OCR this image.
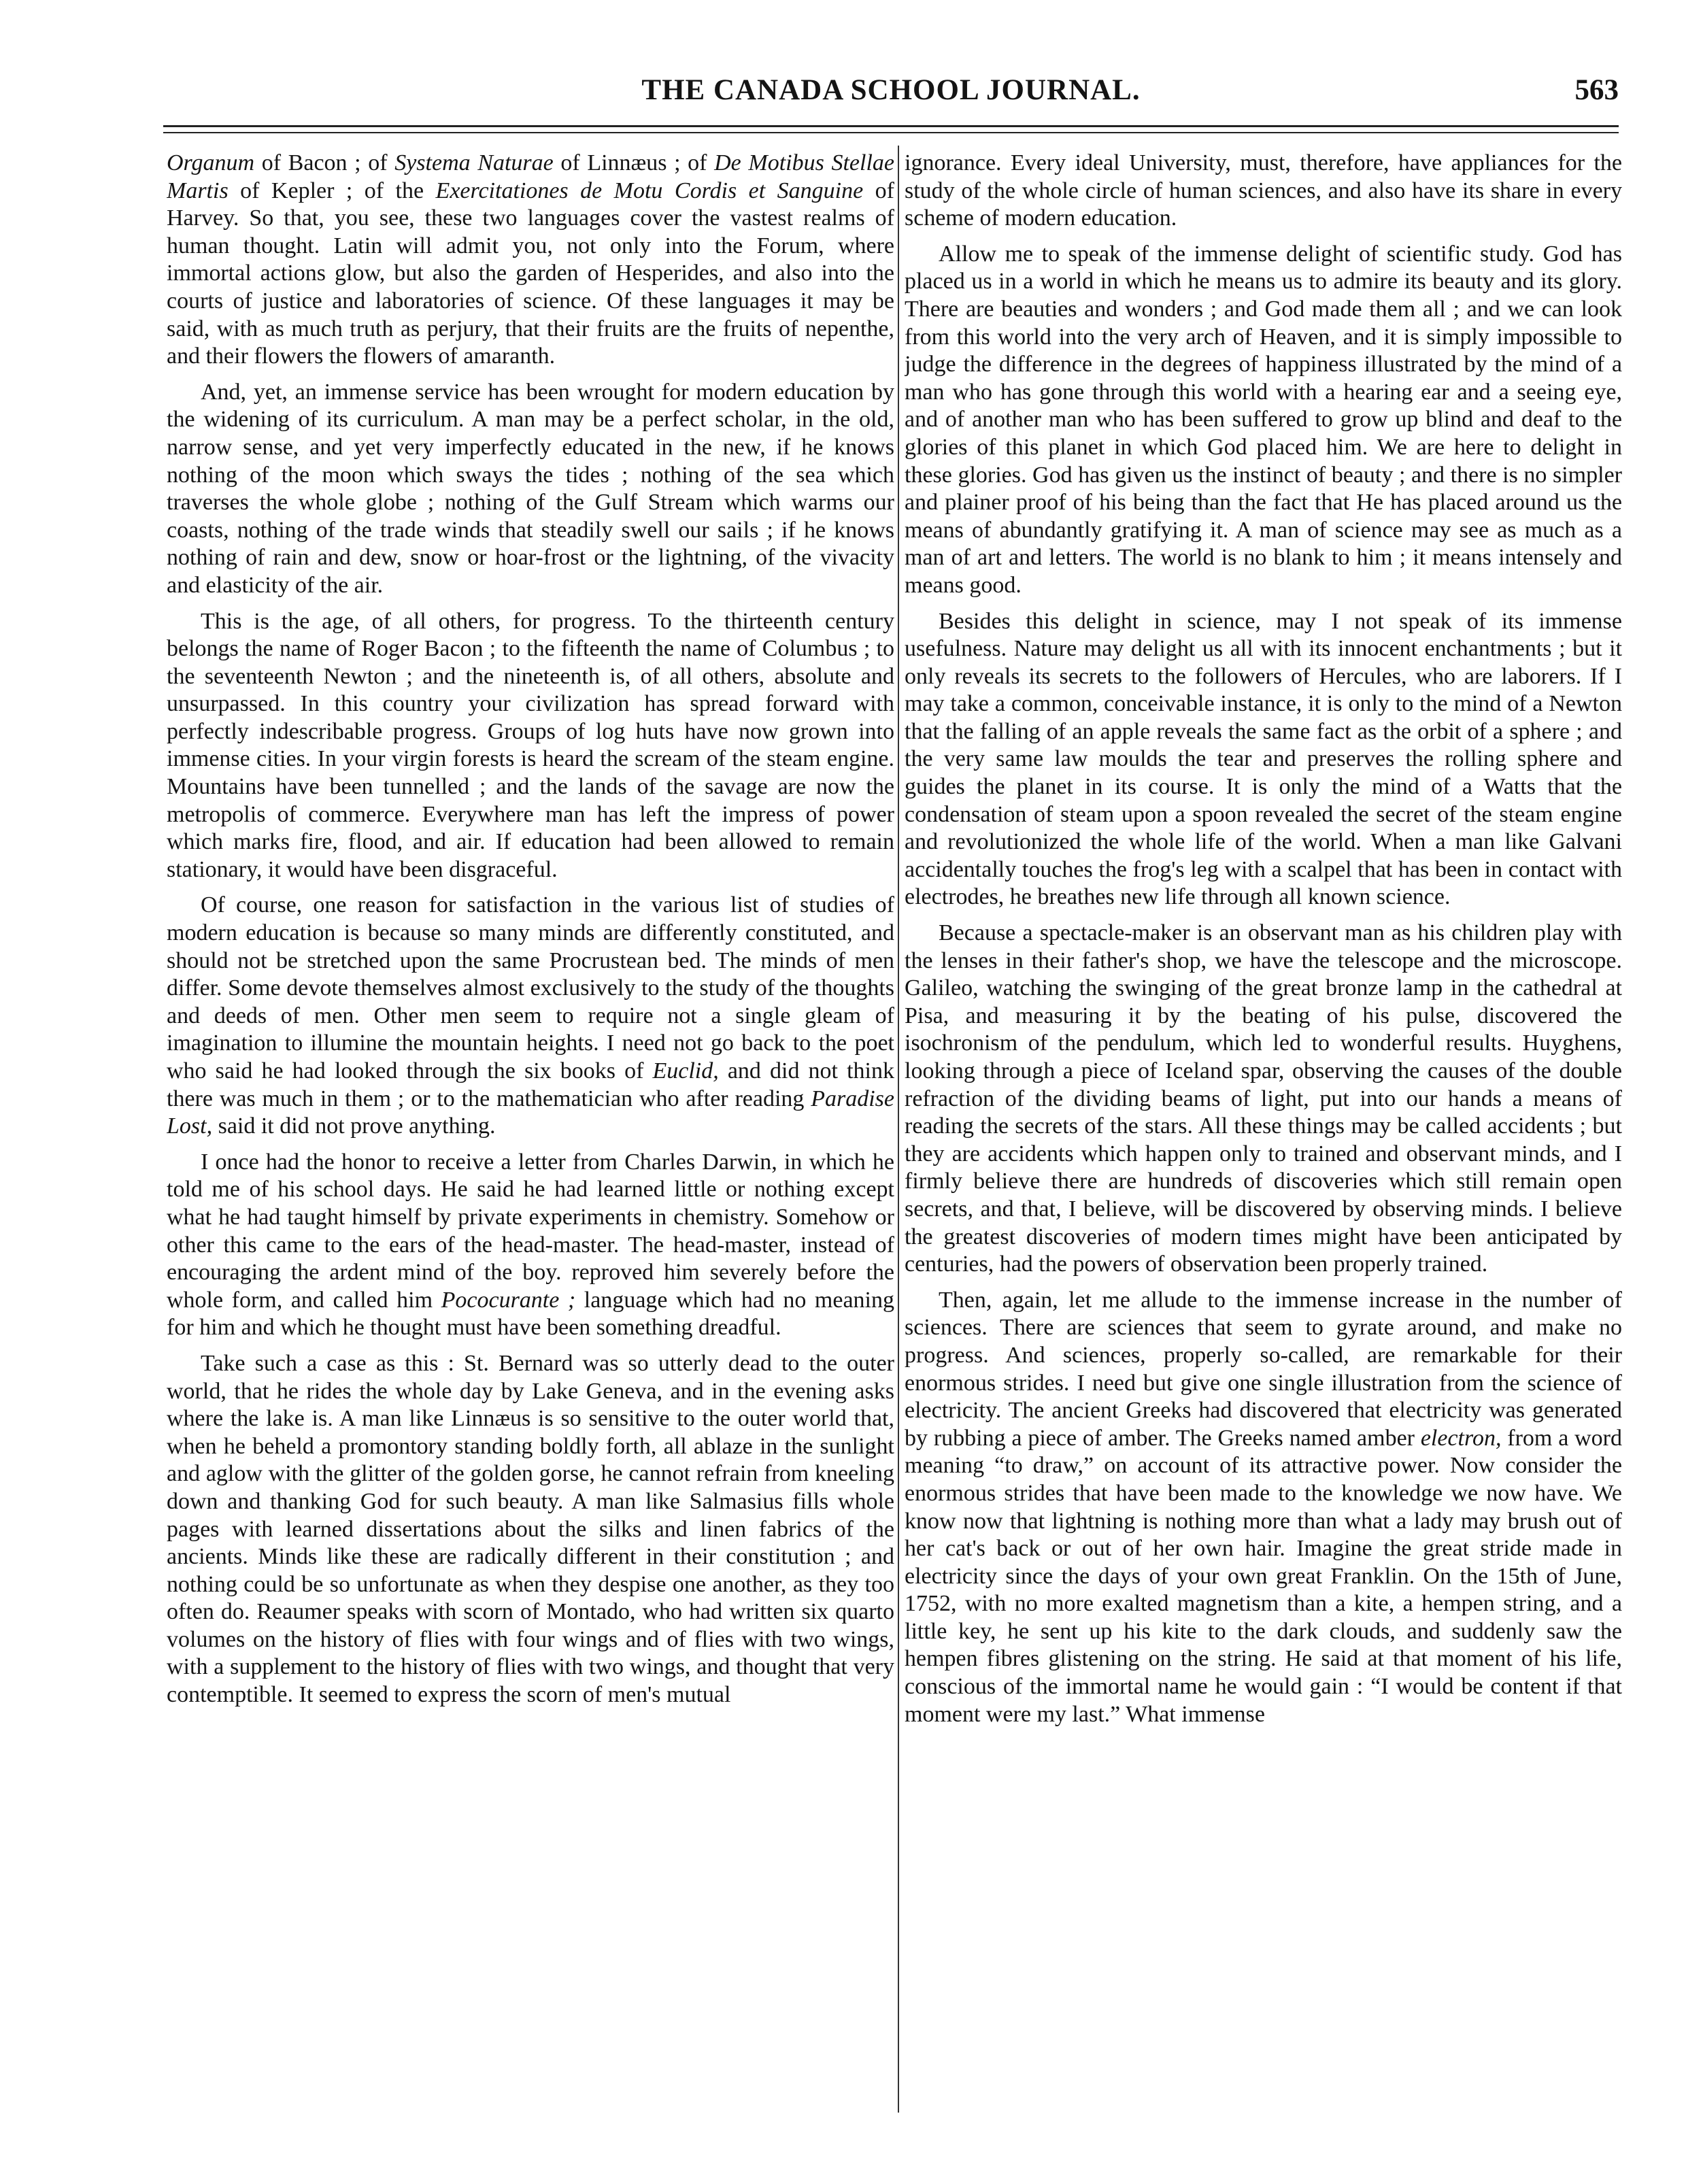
THE CANADA SCHOOL JOURNAL.	563

Organum of Bacon ; of Systema Naturae of Linnæus ; of De Motibus Stellae Martis of Kepler ; of the Exercitationes de Motu Cordis et Sanguine of Harvey. So that, you see, these two languages cover the vastest realms of human thought. Latin will admit you, not only into the Forum, where immortal actions glow, but also the garden of Hesperides, and also into the courts of justice and laboratories of science. Of these languages it may be said, with as much truth as perjury, that their fruits are the fruits of nepenthe, and their flowers the flowers of amaranth.

And, yet, an immense service has been wrought for modern education by the widening of its curriculum. A man may be a perfect scholar, in the old, narrow sense, and yet very imperfectly educated in the new, if he knows nothing of the moon which sways the tides ; nothing of the sea which traverses the whole globe ; nothing of the Gulf Stream which warms our coasts, nothing of the trade winds that steadily swell our sails ; if he knows nothing of rain and dew, snow or hoar-frost or the lightning, of the vivacity and elasticity of the air.

This is the age, of all others, for progress. To the thirteenth century belongs the name of Roger Bacon ; to the fifteenth the name of Columbus ; to the seventeenth Newton ; and the nineteenth is, of all others, absolute and unsurpassed. In this country your civilization has spread forward with perfectly indescribable progress. Groups of log huts have now grown into immense cities. In your virgin forests is heard the scream of the steam engine. Mountains have been tunnelled ; and the lands of the savage are now the metropolis of commerce. Everywhere man has left the impress of power which marks fire, flood, and air. If education had been allowed to remain stationary, it would have been disgraceful.

Of course, one reason for satisfaction in the various list of studies of modern education is because so many minds are differently constituted, and should not be stretched upon the same Procrustean bed. The minds of men differ. Some devote themselves almost exclusively to the study of the thoughts and deeds of men. Other men seem to require not a single gleam of imagination to illumine the mountain heights. I need not go back to the poet who said he had looked through the six books of Euclid, and did not think there was much in them ; or to the mathematician who after reading Paradise Lost, said it did not prove anything.

I once had the honor to receive a letter from Charles Darwin, in which he told me of his school days. He said he had learned little or nothing except what he had taught himself by private experiments in chemistry. Somehow or other this came to the ears of the head-master. The head-master, instead of encouraging the ardent mind of the boy. reproved him severely before the whole form, and called him Pococurante ; language which had no meaning for him and which he thought must have been something dreadful.

Take such a case as this : St. Bernard was so utterly dead to the outer world, that he rides the whole day by Lake Geneva, and in the evening asks where the lake is. A man like Linnæus is so sensitive to the outer world that, when he beheld a promontory standing boldly forth, all ablaze in the sunlight and aglow with the glitter of the golden gorse, he cannot refrain from kneeling down and thanking God for such beauty. A man like Salmasius fills whole pages with learned dissertations about the silks and linen fabrics of the ancients. Minds like these are radically different in their constitution ; and nothing could be so unfortunate as when they despise one another, as they too often do. Reaumer speaks with scorn of Montado, who had written six quarto volumes on the history of flies with four wings and of flies with two wings, with a supplement to the history of flies with two wings, and thought that very contemptible. It seemed to express the scorn of men's mutual

ignorance. Every ideal University, must, therefore, have appliances for the study of the whole circle of human sciences, and also have its share in every scheme of modern education.

Allow me to speak of the immense delight of scientific study. God has placed us in a world in which he means us to admire its beauty and its glory. There are beauties and wonders ; and God made them all ; and we can look from this world into the very arch of Heaven, and it is simply impossible to judge the difference in the degrees of happiness illustrated by the mind of a man who has gone through this world with a hearing ear and a seeing eye, and of another man who has been suffered to grow up blind and deaf to the glories of this planet in which God placed him. We are here to delight in these glories. God has given us the instinct of beauty ; and there is no simpler and plainer proof of his being than the fact that He has placed around us the means of abundantly gratifying it. A man of science may see as much as a man of art and letters. The world is no blank to him ; it means intensely and means good.

Besides this delight in science, may I not speak of its immense usefulness. Nature may delight us all with its innocent enchantments ; but it only reveals its secrets to the followers of Hercules, who are laborers. If I may take a common, conceivable instance, it is only to the mind of a Newton that the falling of an apple reveals the same fact as the orbit of a sphere ; and the very same law moulds the tear and preserves the rolling sphere and guides the planet in its course. It is only the mind of a Watts that the condensation of steam upon a spoon revealed the secret of the steam engine and revolutionized the whole life of the world. When a man like Galvani accidentally touches the frog's leg with a scalpel that has been in contact with electrodes, he breathes new life through all known science.

Because a spectacle-maker is an observant man as his children play with the lenses in their father's shop, we have the telescope and the microscope. Galileo, watching the swinging of the great bronze lamp in the cathedral at Pisa, and measuring it by the beating of his pulse, discovered the isochronism of the pendulum, which led to wonderful results. Huyghens, looking through a piece of Iceland spar, observing the causes of the double refraction of the dividing beams of light, put into our hands a means of reading the secrets of the stars. All these things may be called accidents ; but they are accidents which happen only to trained and observant minds, and I firmly believe there are hundreds of discoveries which still remain open secrets, and that, I believe, will be discovered by observing minds. I believe the greatest discoveries of modern times might have been anticipated by centuries, had the powers of observation been properly trained.

Then, again, let me allude to the immense increase in the number of sciences. There are sciences that seem to gyrate around, and make no progress. And sciences, properly so-called, are remarkable for their enormous strides. I need but give one single illustration from the science of electricity. The ancient Greeks had discovered that electricity was generated by rubbing a piece of amber. The Greeks named amber electron, from a word meaning “to draw,” on account of its attractive power. Now consider the enormous strides that have been made to the knowledge we now have. We know now that lightning is nothing more than what a lady may brush out of her cat's back or out of her own hair. Imagine the great stride made in electricity since the days of your own great Franklin. On the 15th of June, 1752, with no more exalted magnetism than a kite, a hempen string, and a little key, he sent up his kite to the dark clouds, and suddenly saw the hempen fibres glistening on the string. He said at that moment of his life, conscious of the immortal name he would gain : “I would be content if that moment were my last.” What immense
